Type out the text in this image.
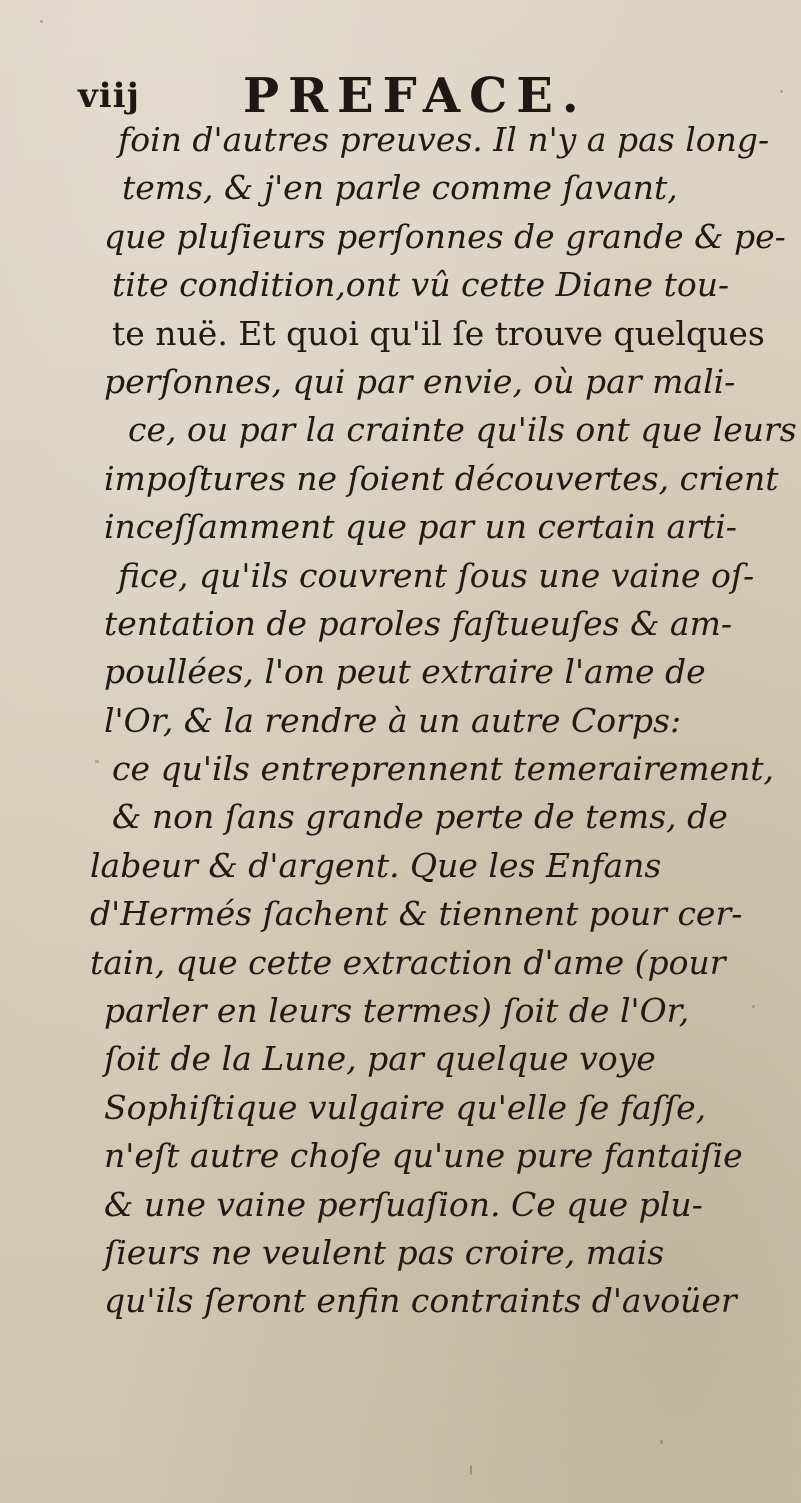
viij PREFACE.
foin d'autres preuves. Il n'y a pas long-
tems, & j'en parle comme ſavant,
que pluſieurs perſonnes de grande & pe-
tite condition,ont vû cette Diane tou-
te nuë. Et quoi qu'il ſe trouve quelques
perſonnes, qui par envie, où par mali-
ce, ou par la crainte qu'ils ont que leurs
impoſtures ne ſoient découvertes, crient
inceſſamment que par un certain arti-
fice, qu'ils couvrent ſous une vaine oſ-
tentation de paroles faſtueuſes & am-
poullées, l'on peut extraire l'ame de
l'Or, & la rendre à un autre Corps:
ce qu'ils entreprennent temerairement,
& non ſans grande perte de tems, de
labeur & d'argent. Que les Enfans
d'Hermés ſachent & tiennent pour cer-
tain, que cette extraction d'ame (pour
parler en leurs termes) ſoit de l'Or,
ſoit de la Lune, par quelque voye
Sophiſtique vulgaire qu'elle ſe faſſe,
n'eſt autre choſe qu'une pure fantaiſie
& une vaine perſuaſion. Ce que plu-
ſieurs ne veulent pas croire, mais
qu'ils ſeront enfin contraints d'avoüer
